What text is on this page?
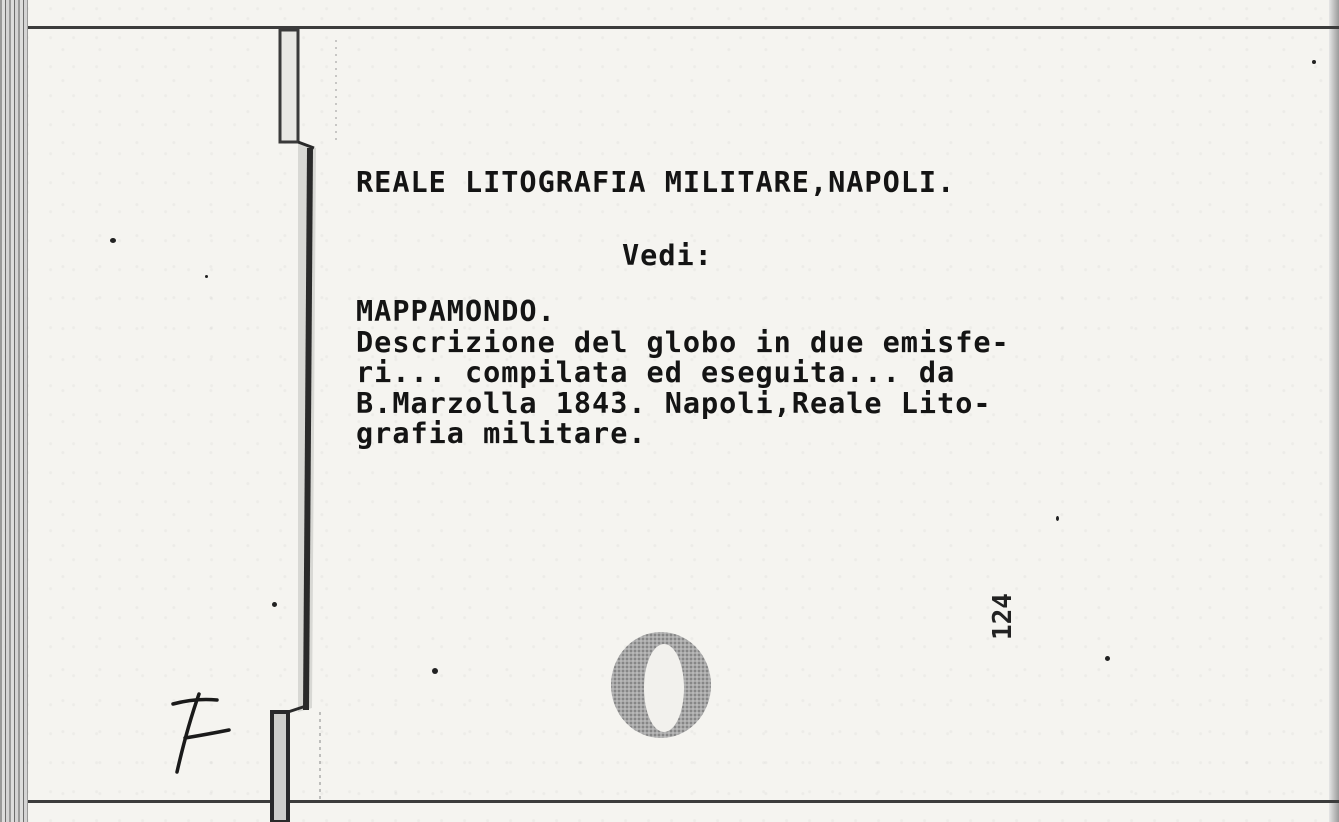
REALE LITOGRAFIA MILITARE,NAPOLI.
Vedi:
MAPPAMONDO.
Descrizione del globo in due emisfe-
ri... compilata ed eseguita... da
B.Marzolla 1843. Napoli,Reale Lito-
grafia militare.
124
